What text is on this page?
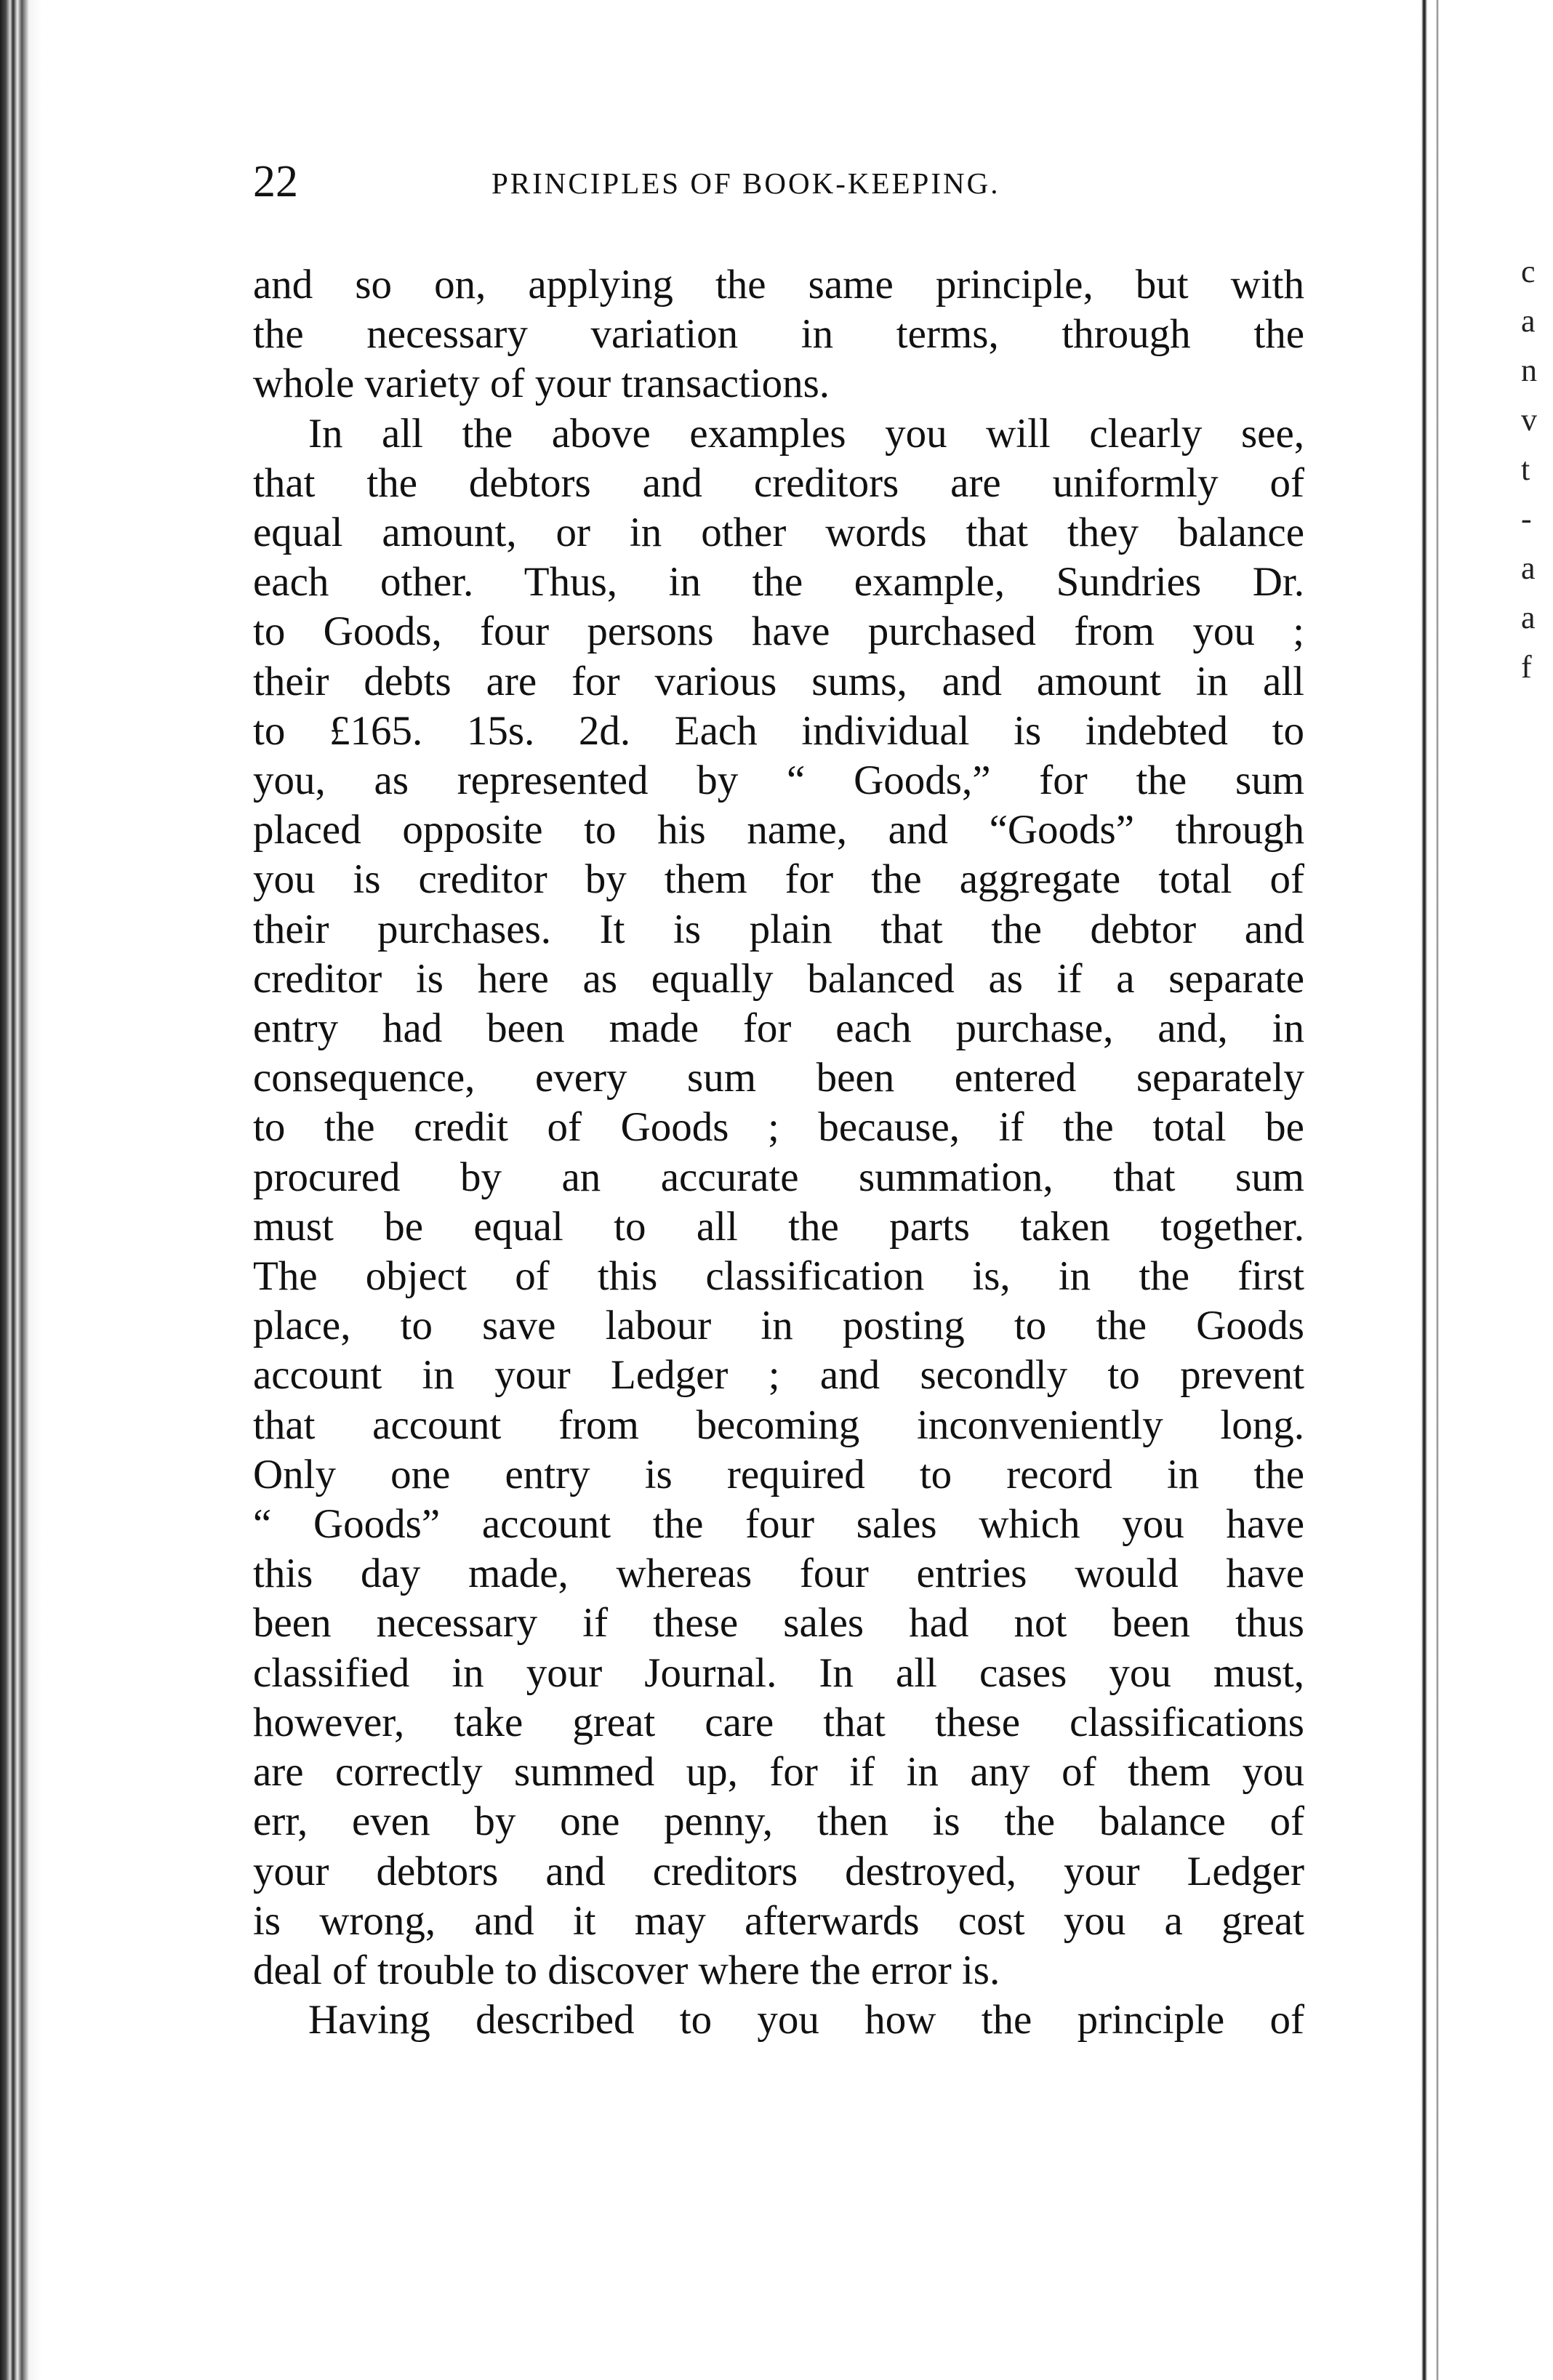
c
a
n
v
t
-
a
a
f
22	PRINCIPLES OF BOOK-KEEPING.
and so on, applying the same principle, but with
the necessary variation in terms, through the
whole variety of your transactions.
In all the above examples you will clearly see,
that the debtors and creditors are uniformly of
equal amount, or in other words that they balance
each other. Thus, in the example, Sundries Dr.
to Goods, four persons have purchased from you ;
their debts are for various sums, and amount in all
to £165. 15s. 2d. Each individual is indebted to
you, as represented by “ Goods,” for the sum
placed opposite to his name, and “Goods” through
you is creditor by them for the aggregate total of
their purchases. It is plain that the debtor and
creditor is here as equally balanced as if a separate
entry had been made for each purchase, and, in
consequence, every sum been entered separately
to the credit of Goods ; because, if the total be
procured by an accurate summation, that sum
must be equal to all the parts taken together.
The object of this classification is, in the first
place, to save labour in posting to the Goods
account in your Ledger ; and secondly to prevent
that account from becoming inconveniently long.
Only one entry is required to record in the
“ Goods” account the four sales which you have
this day made, whereas four entries would have
been necessary if these sales had not been thus
classified in your Journal. In all cases you must,
however, take great care that these classifications
are correctly summed up, for if in any of them you
err, even by one penny, then is the balance of
your debtors and creditors destroyed, your Ledger
is wrong, and it may afterwards cost you a great
deal of trouble to discover where the error is.
Having described to you how the principle of
